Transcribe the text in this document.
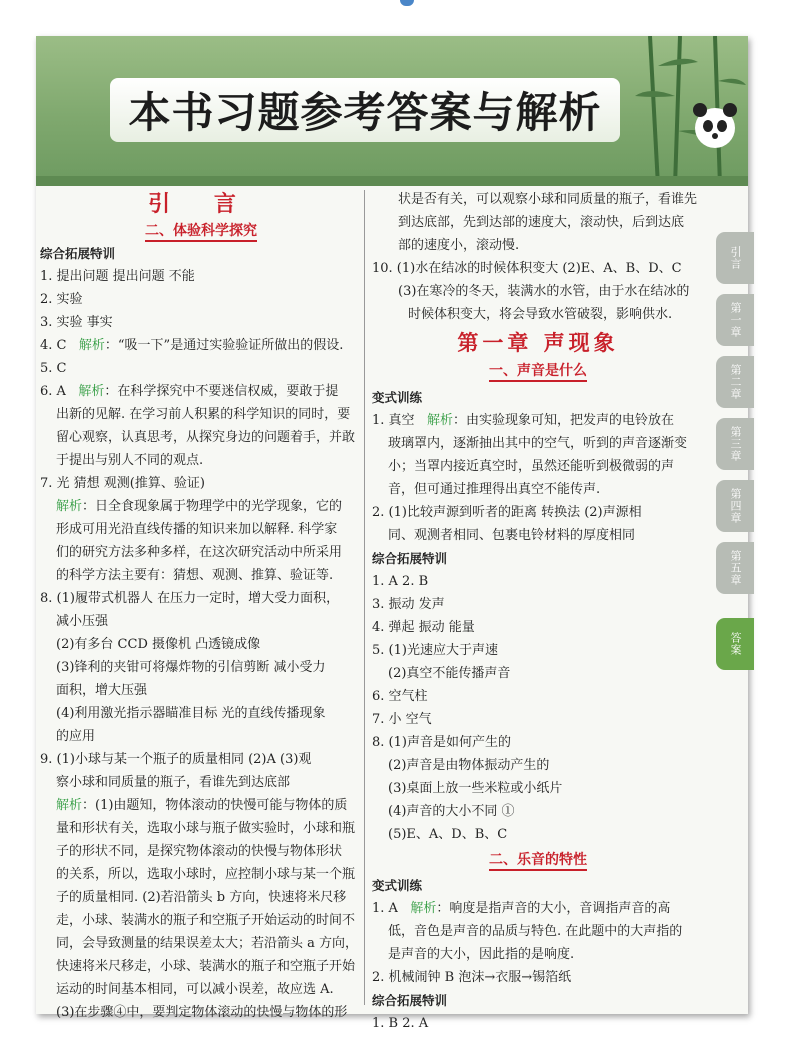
本书习题参考答案与解析
引言
第一章
第二章
第三章
第四章
第五章
答案
引 言
二、体验科学探究
综合拓展特训
1. 提出问题 提出问题 不能
2. 实验
3. 实验 事实
4. C 解析：“吸一下”是通过实验验证所做出的假设.
5. C
6. A 解析：在科学探究中不要迷信权威，要敢于提
出新的见解. 在学习前人积累的科学知识的同时，要
留心观察，认真思考，从探究身边的问题着手，并敢
于提出与别人不同的观点.
7. 光 猜想 观测(推算、验证)
解析：日全食现象属于物理学中的光学现象，它的
形成可用光沿直线传播的知识来加以解释. 科学家
们的研究方法多种多样，在这次研究活动中所采用
的科学方法主要有：猜想、观测、推算、验证等.
8. (1)履带式机器人 在压力一定时，增大受力面积，
减小压强
(2)有多台 CCD 摄像机 凸透镜成像
(3)锋利的夹钳可将爆炸物的引信剪断 减小受力
面积，增大压强
(4)利用激光指示器瞄准目标 光的直线传播现象
的应用
9. (1)小球与某一个瓶子的质量相同 (2)A (3)观
察小球和同质量的瓶子，看谁先到达底部
解析：(1)由题知，物体滚动的快慢可能与物体的质
量和形状有关，选取小球与瓶子做实验时，小球和瓶
子的形状不同，是探究物体滚动的快慢与物体形状
的关系，所以，选取小球时，应控制小球与某一个瓶
子的质量相同. (2)若沿箭头 b 方向，快速将米尺移
走，小球、装满水的瓶子和空瓶子开始运动的时间不
同，会导致测量的结果误差太大；若沿箭头 a 方向，
快速将米尺移走，小球、装满水的瓶子和空瓶子开始
运动的时间基本相同，可以减小误差，故应选 A.
(3)在步骤④中，要判定物体滚动的快慢与物体的形
状是否有关，可以观察小球和同质量的瓶子，看谁先
到达底部，先到达部的速度大，滚动快，后到达底
部的速度小，滚动慢.
10. (1)水在结冰的时候体积变大 (2)E、A、B、D、C
(3)在寒冷的冬天，装满水的水管，由于水在结冰的
时候体积变大，将会导致水管破裂，影响供水.
第一章 声现象
一、声音是什么
变式训练
1. 真空 解析：由实验现象可知，把发声的电铃放在
玻璃罩内，逐渐抽出其中的空气，听到的声音逐渐变
小；当罩内接近真空时，虽然还能听到极微弱的声
音，但可通过推理得出真空不能传声.
2. (1)比较声源到听者的距离 转换法 (2)声源相
同、观测者相同、包裹电铃材料的厚度相同
综合拓展特训
1. A 2. B
3. 振动 发声
4. 弹起 振动 能量
5. (1)光速应大于声速
(2)真空不能传播声音
6. 空气柱
7. 小 空气
8. (1)声音是如何产生的
(2)声音是由物体振动产生的
(3)桌面上放一些米粒或小纸片
(4)声音的大小不同 ①
(5)E、A、D、B、C
二、乐音的特性
变式训练
1. A 解析：响度是指声音的大小，音调指声音的高
低，音色是声音的品质与特色. 在此题中的大声指的
是声音的大小，因此指的是响度.
2. 机械闹钟 B 泡沫→衣服→锡箔纸
综合拓展特训
1. B 2. A
